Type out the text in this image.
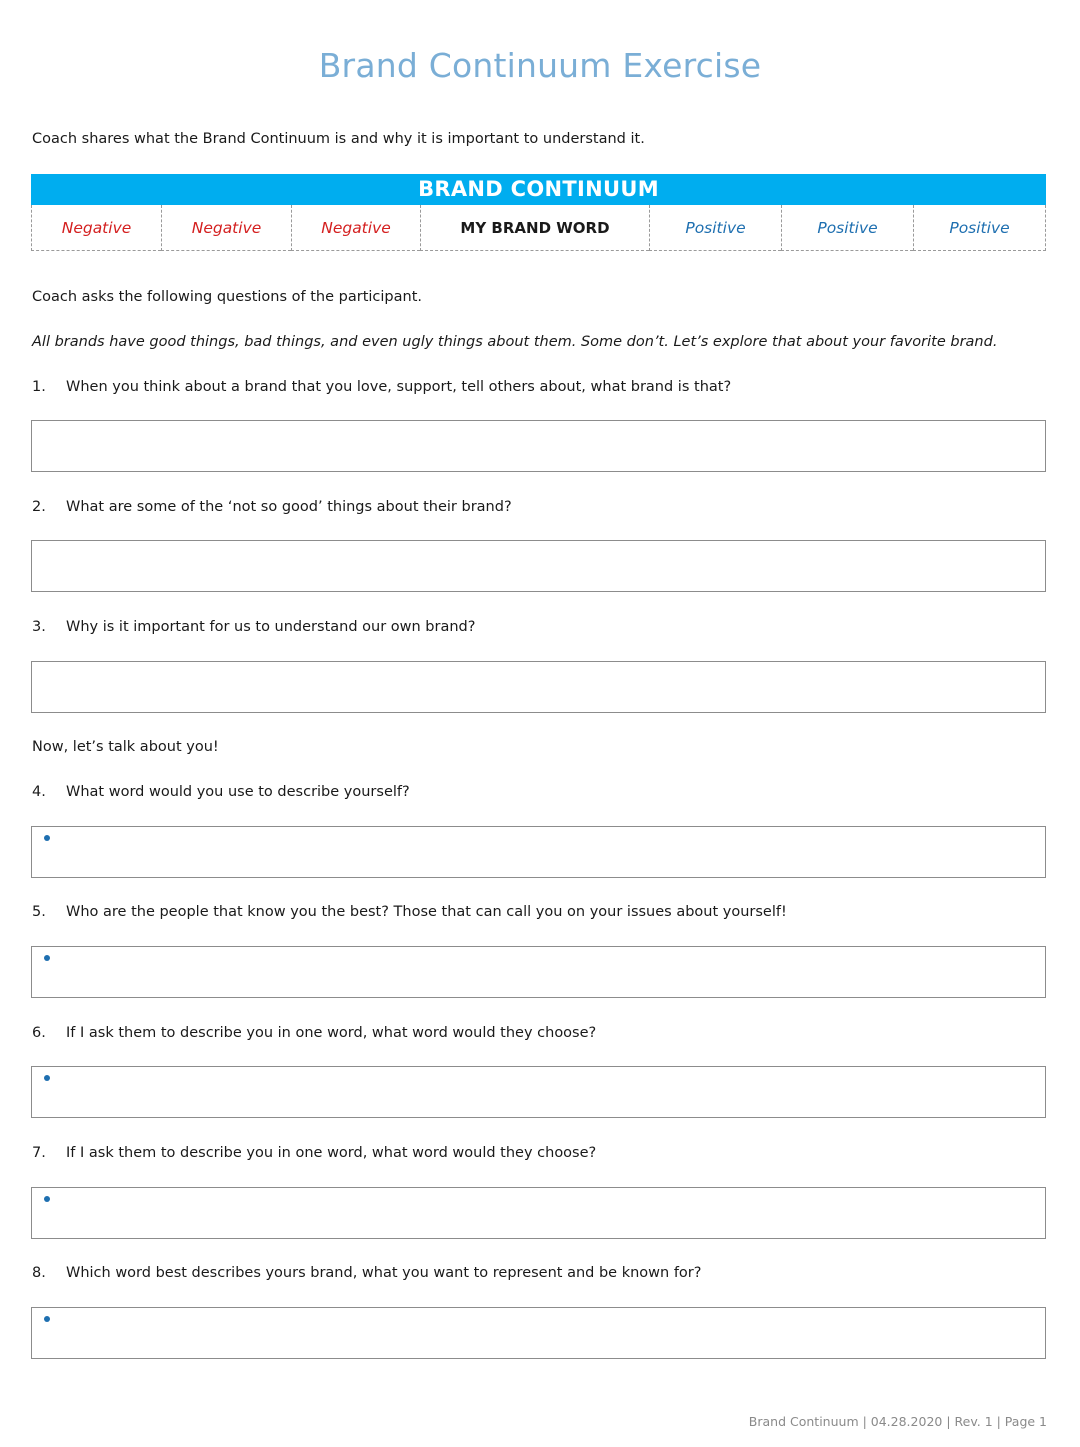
Brand Continuum Exercise
Coach shares what the Brand Continuum is and why it is important to understand it.
BRAND CONTINUUM
Negative	Negative	Negative	MY BRAND WORD	Positive	Positive	Positive
Coach asks the following questions of the participant.
All brands have good things, bad things, and even ugly things about them. Some don’t. Let’s explore that about your favorite brand.
1. When you think about a brand that you love, support, tell others about, what brand is that?
2. What are some of the ‘not so good’ things about their brand?
3. Why is it important for us to understand our own brand?
Now, let’s talk about you!
4. What word would you use to describe yourself?
5. Who are the people that know you the best? Those that can call you on your issues about yourself!
6. If I ask them to describe you in one word, what word would they choose?
7. If I ask them to describe you in one word, what word would they choose?
8. Which word best describes yours brand, what you want to represent and be known for?
Brand Continuum | 04.28.2020 | Rev. 1 | Page 1
